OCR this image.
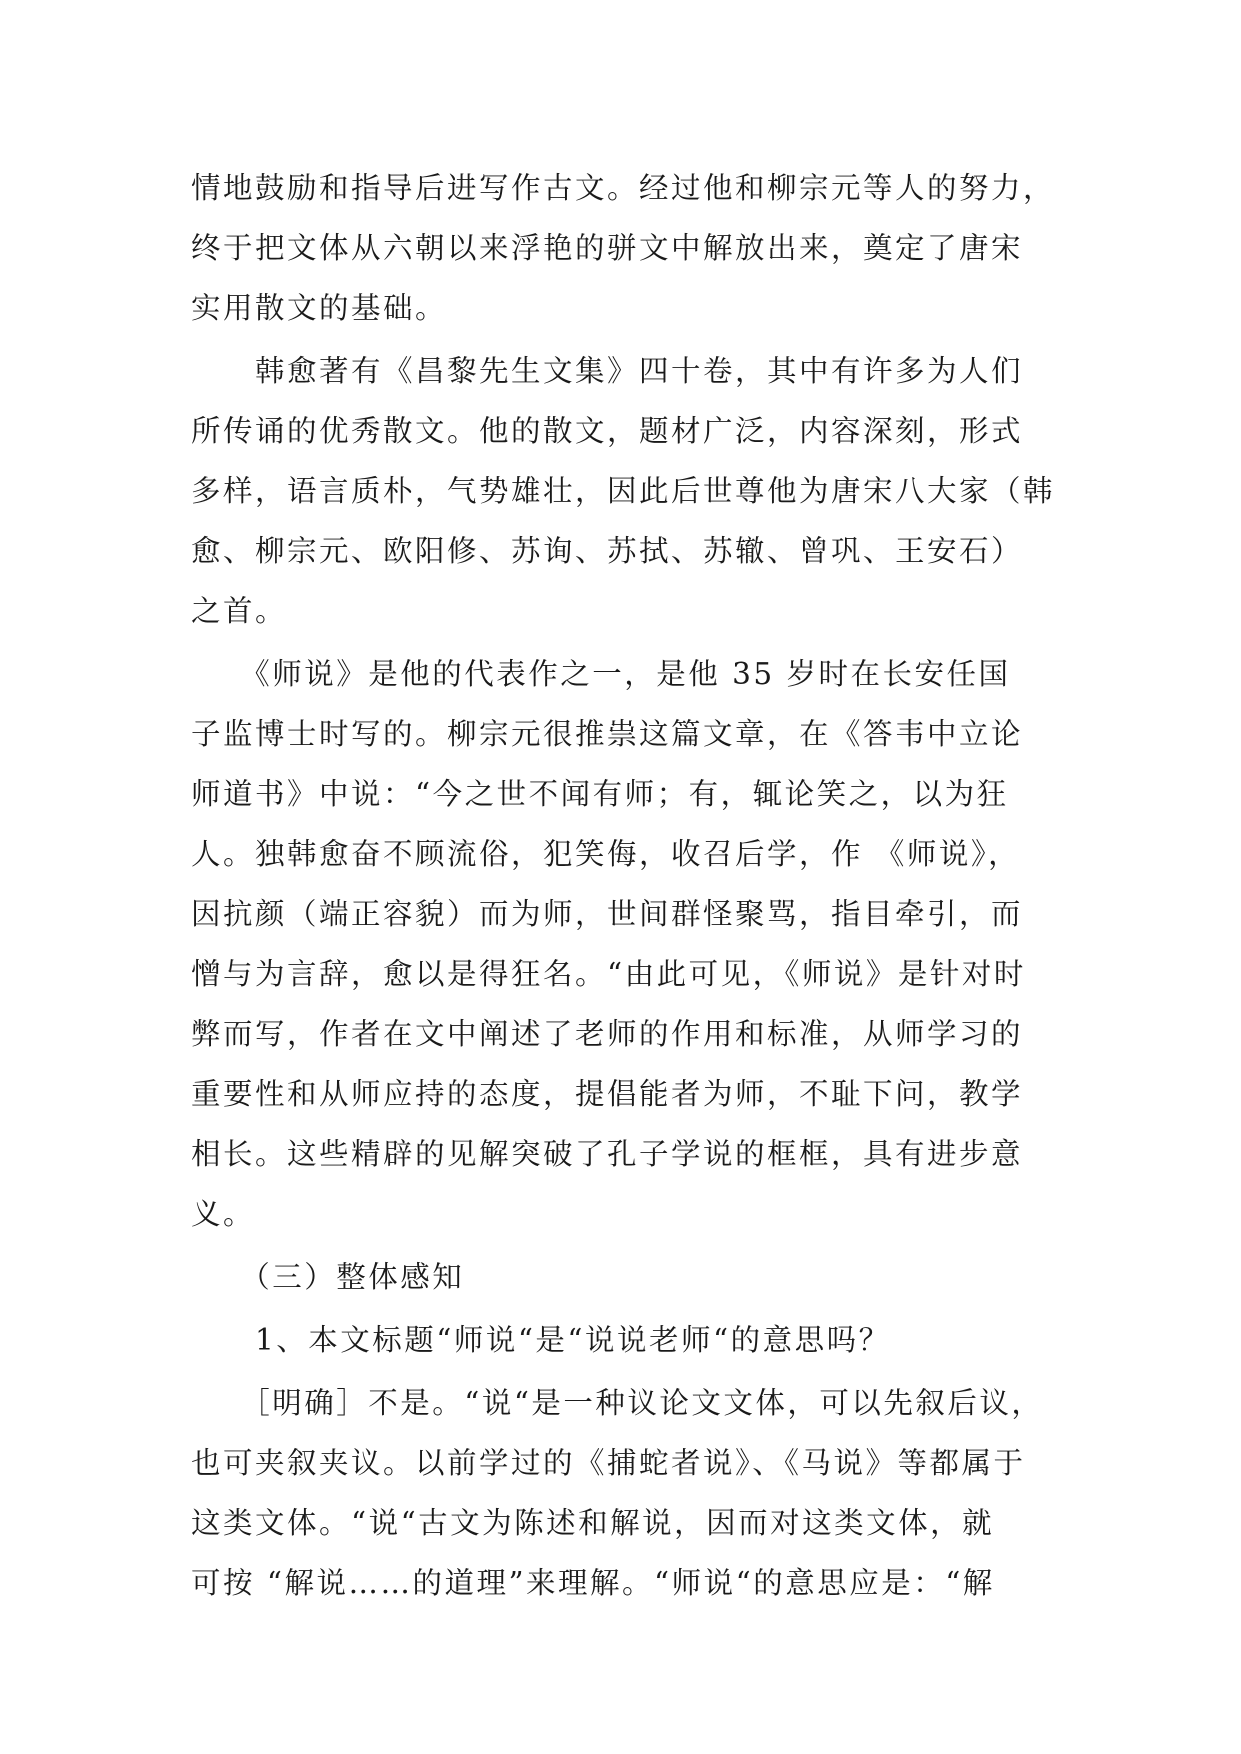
情地鼓励和指导后进写作古文。经过他和柳宗元等人的努力，
终于把文体从六朝以来浮艳的骈文中解放出来，奠定了唐宋
实用散文的基础。
　　韩愈著有《昌黎先生文集》四十卷，其中有许多为人们
所传诵的优秀散文。他的散文，题材广泛，内容深刻，形式
多样，语言质朴，气势雄壮，因此后世尊他为唐宋八大家（韩
愈、柳宗元、欧阳修、苏询、苏拭、苏辙、曾巩、王安石）
之首。
　　《师说》是他的代表作之一，是他 35 岁时在长安任国
子监博士时写的。柳宗元很推祟这篇文章，在《答韦中立论
师道书》中说：“今之世不闻有师；有，辄论笑之，以为狂
人。独韩愈奋不顾流俗，犯笑侮，收召后学，作 《师说》，
因抗颜（端正容貌）而为师，世间群怪聚骂，指目牵引，而
憎与为言辞，愈以是得狂名。“由此可见，《师说》是针对时
弊而写，作者在文中阐述了老师的作用和标准，从师学习的
重要性和从师应持的态度，提倡能者为师，不耻下问，教学
相长。这些精辟的见解突破了孔子学说的框框，具有进步意
义。
　　（三）整体感知
　　1、本文标题“师说“是“说说老师“的意思吗？
　　［明确］不是。“说“是一种议论文文体，可以先叙后议，
也可夹叙夹议。以前学过的《捕蛇者说》、《马说》等都属于
这类文体。“说“古文为陈述和解说，因而对这类文体，就
可按 “解说……的道理”来理解。“师说“的意思应是：“解
